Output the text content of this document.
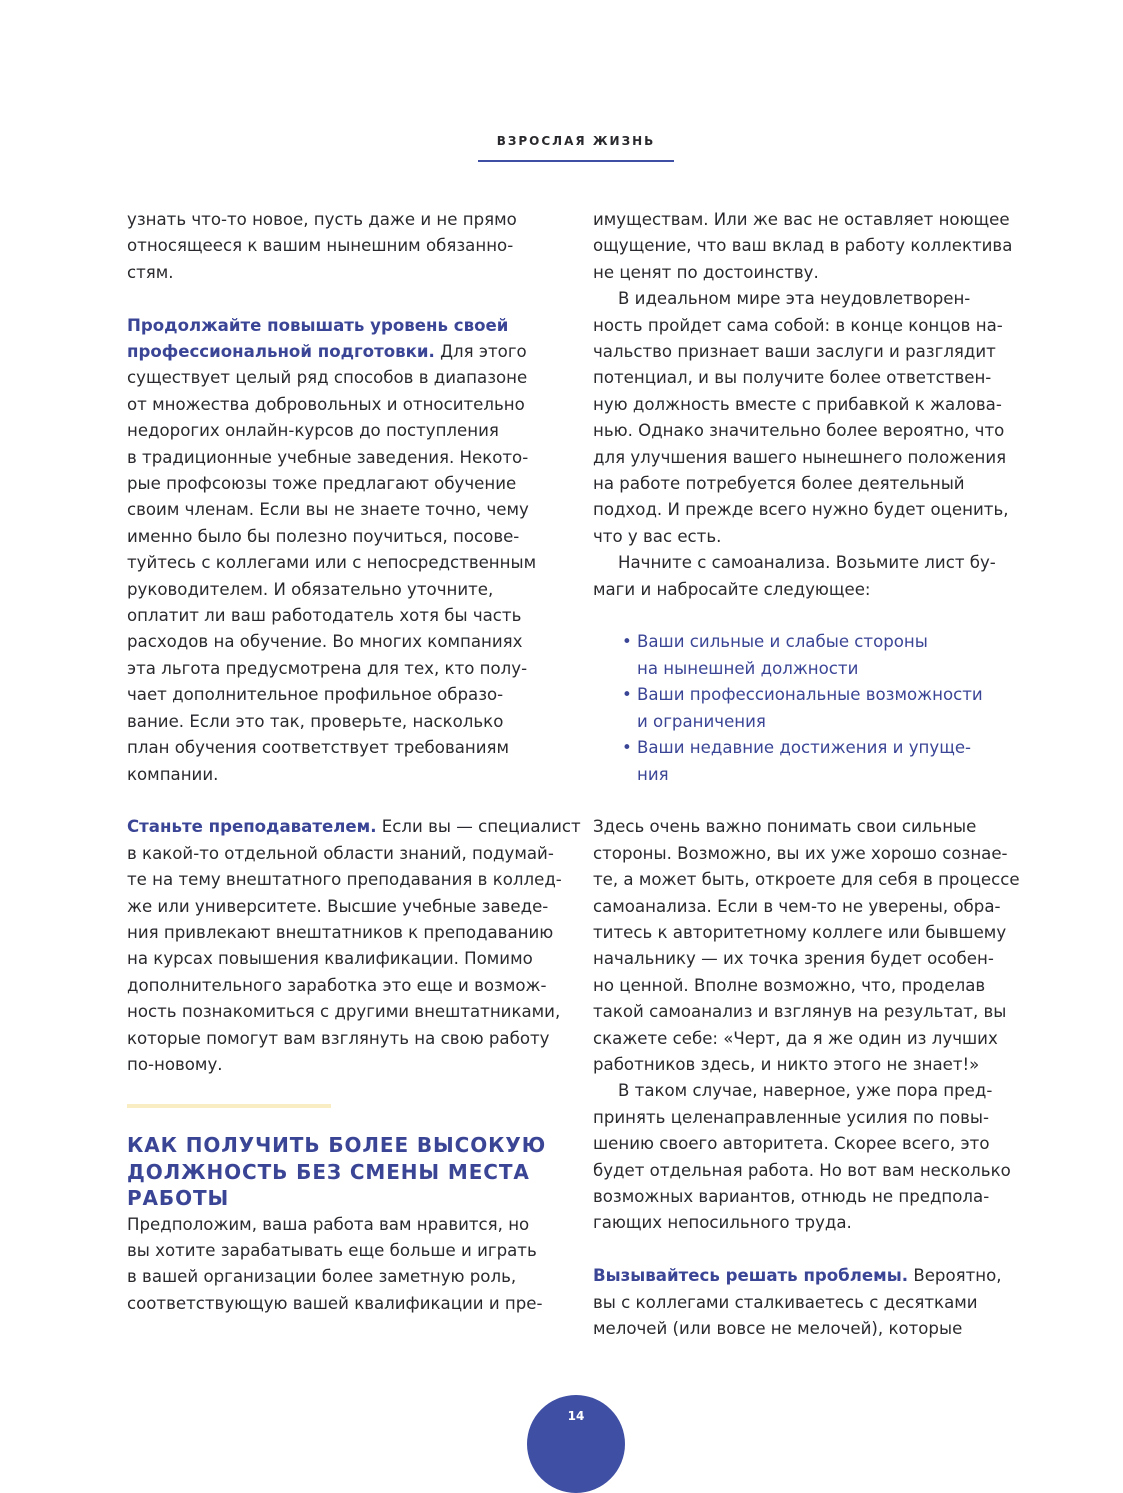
ВЗРОСЛАЯ ЖИЗНЬ

узнать что-то новое, пусть даже и не прямо
относящееся к вашим нынешним обязанно-
стям.

Продолжайте повышать уровень своей
профессиональной подготовки. Для этого
существует целый ряд способов в диапазоне
от множества добровольных и относительно
недорогих онлайн-курсов до поступления
в традиционные учебные заведения. Некото-
рые профсоюзы тоже предлагают обучение
своим членам. Если вы не знаете точно, чему
именно было бы полезно поучиться, посове-
туйтесь с коллегами или с непосредственным
руководителем. И обязательно уточните,
оплатит ли ваш работодатель хотя бы часть
расходов на обучение. Во многих компаниях
эта льгота предусмотрена для тех, кто полу-
чает дополнительное профильное образо-
вание. Если это так, проверьте, насколько
план обучения соответствует требованиям
компании.

Станьте преподавателем. Если вы — специалист
в какой-то отдельной области знаний, подумай-
те на тему внештатного преподавания в коллед-
же или университете. Высшие учебные заведе-
ния привлекают внештатников к преподаванию
на курсах повышения квалификации. Помимо
дополнительного заработка это еще и возмож-
ность познакомиться с другими внештатниками,
которые помогут вам взглянуть на свою работу
по-новому.

КАК ПОЛУЧИТЬ БОЛЕЕ ВЫСОКУЮ
ДОЛЖНОСТЬ БЕЗ СМЕНЫ МЕСТА
РАБОТЫ

Предположим, ваша работа вам нравится, но
вы хотите зарабатывать еще больше и играть
в вашей организации более заметную роль,
соответствующую вашей квалификации и пре-

имуществам. Или же вас не оставляет ноющее
ощущение, что ваш вклад в работу коллектива
не ценят по достоинству.

В идеальном мире эта неудовлетворен-
ность пройдет сама собой: в конце концов на-
чальство признает ваши заслуги и разглядит
потенциал, и вы получите более ответствен-
ную должность вместе с прибавкой к жалова-
нью. Однако значительно более вероятно, что
для улучшения вашего нынешнего положения
на работе потребуется более деятельный
подход. И прежде всего нужно будет оценить,
что у вас есть.

Начните с самоанализа. Возьмите лист бу-
маги и набросайте следующее:

• Ваши сильные и слабые стороны
на нынешней должности
• Ваши профессиональные возможности
и ограничения
• Ваши недавние достижения и упуще-
ния

Здесь очень важно понимать свои сильные
стороны. Возможно, вы их уже хорошо сознае-
те, а может быть, откроете для себя в процессе
самоанализа. Если в чем-то не уверены, обра-
титесь к авторитетному коллеге или бывшему
начальнику — их точка зрения будет особен-
но ценной. Вполне возможно, что, проделав
такой самоанализ и взглянув на результат, вы
скажете себе: «Черт, да я же один из лучших
работников здесь, и никто этого не знает!»

В таком случае, наверное, уже пора пред-
принять целенаправленные усилия по повы-
шению своего авторитета. Скорее всего, это
будет отдельная работа. Но вот вам несколько
возможных вариантов, отнюдь не предпола-
гающих непосильного труда.

Вызывайтесь решать проблемы. Вероятно,
вы с коллегами сталкиваетесь с десятками
мелочей (или вовсе не мелочей), которые

14
